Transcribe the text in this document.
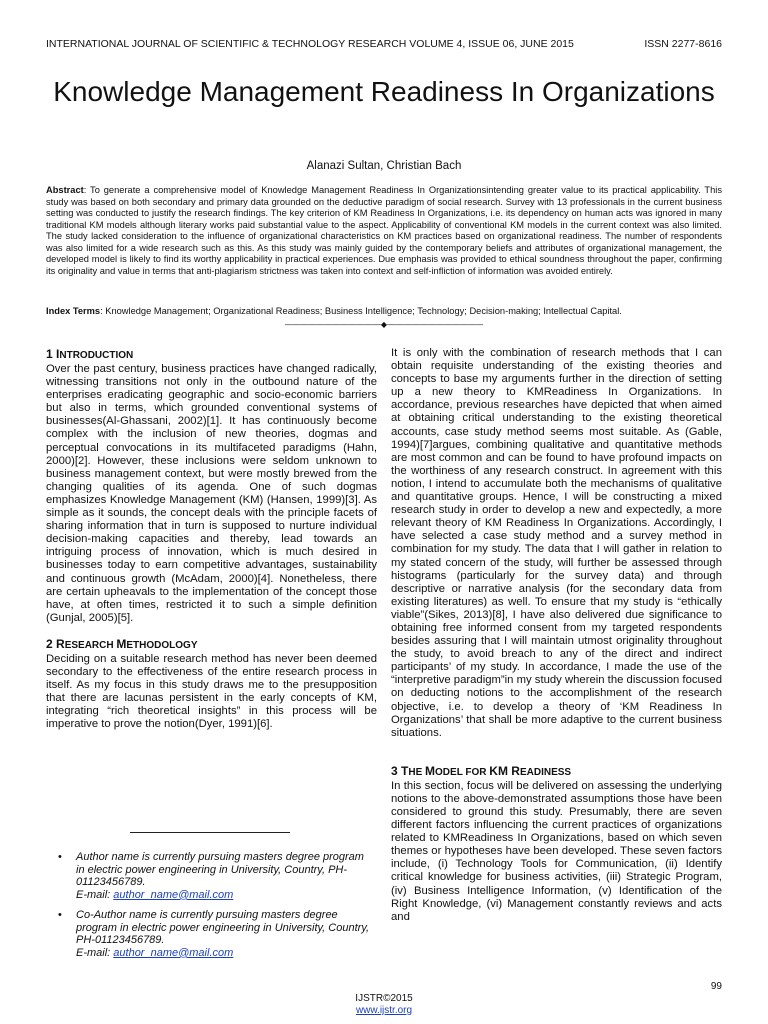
INTERNATIONAL JOURNAL OF SCIENTIFIC & TECHNOLOGY RESEARCH VOLUME 4, ISSUE 06, JUNE 2015	ISSN 2277-8616
Knowledge Management Readiness In Organizations
Alanazi Sultan, Christian Bach
Abstract: To generate a comprehensive model of Knowledge Management Readiness In Organizationsintending greater value to its practical applicability. This study was based on both secondary and primary data grounded on the deductive paradigm of social research. Survey with 13 professionals in the current business setting was conducted to justify the research findings. The key criterion of KM Readiness In Organizations, i.e. its dependency on human acts was ignored in many traditional KM models although literary works paid substantial value to the aspect. Applicability of conventional KM models in the current context was also limited. The study lacked consideration to the influence of organizational characteristics on KM practices based on organizational readiness. The number of respondents was also limited for a wide research such as this. As this study was mainly guided by the contemporary beliefs and attributes of organizational management, the developed model is likely to find its worthy applicability in practical experiences. Due emphasis was provided to ethical soundness throughout the paper, confirming its originality and value in terms that anti-plagiarism strictness was taken into context and self-infliction of information was avoided entirely.
Index Terms: Knowledge Management; Organizational Readiness; Business Intelligence; Technology; Decision-making; Intellectual Capital.
————————————◆————————————
1 INTRODUCTION

Over the past century, business practices have changed radically, witnessing transitions not only in the outbound nature of the enterprises eradicating geographic and socio-economic barriers but also in terms, which grounded conventional systems of businesses(Al-Ghassani, 2002)[1]. It has continuously become complex with the inclusion of new theories, dogmas and perceptual convocations in its multifaceted paradigms (Hahn, 2000)[2]. However, these inclusions were seldom unknown to business management context, but were mostly brewed from the changing qualities of its agenda. One of such dogmas emphasizes Knowledge Management (KM) (Hansen, 1999)[3]. As simple as it sounds, the concept deals with the principle facets of sharing information that in turn is supposed to nurture individual decision-making capacities and thereby, lead towards an intriguing process of innovation, which is much desired in businesses today to earn competitive advantages, sustainability and continuous growth (McAdam, 2000)[4]. Nonetheless, there are certain upheavals to the implementation of the concept those have, at often times, restricted it to such a simple definition (Gunjal, 2005)[5].

2 RESEARCH METHODOLOGY

Deciding on a suitable research method has never been deemed secondary to the effectiveness of the entire research process in itself. As my focus in this study draws me to the presupposition that there are lacunas persistent in the early concepts of KM, integrating “rich theoretical insights” in this process will be imperative to prove the notion(Dyer, 1991)[6].

• Author name is currently pursuing masters degree program in electric power engineering in University, Country, PH-01123456789.
E-mail: author_name@mail.com
• Co-Author name is currently pursuing masters degree program in electric power engineering in University, Country, PH-01123456789.
E-mail: author_name@mail.com

It is only with the combination of research methods that I can obtain requisite understanding of the existing theories and concepts to base my arguments further in the direction of setting up a new theory to KMReadiness In Organizations. In accordance, previous researches have depicted that when aimed at obtaining critical understanding to the existing theoretical accounts, case study method seems most suitable. As (Gable, 1994)[7]argues, combining qualitative and quantitative methods are most common and can be found to have profound impacts on the worthiness of any research construct. In agreement with this notion, I intend to accumulate both the mechanisms of qualitative and quantitative groups. Hence, I will be constructing a mixed research study in order to develop a new and expectedly, a more relevant theory of KM Readiness In Organizations. Accordingly, I have selected a case study method and a survey method in combination for my study. The data that I will gather in relation to my stated concern of the study, will further be assessed through histograms (particularly for the survey data) and through descriptive or narrative analysis (for the secondary data from existing literatures) as well. To ensure that my study is “ethically viable”(Sikes, 2013)[8], I have also delivered due significance to obtaining free informed consent from my targeted respondents besides assuring that I will maintain utmost originality throughout the study, to avoid breach to any of the direct and indirect participants’ of my study. In accordance, I made the use of the “interpretive paradigm”in my study wherein the discussion focused on deducting notions to the accomplishment of the research objective, i.e. to develop a theory of ‘KM Readiness In Organizations’ that shall be more adaptive to the current business situations.

3 THE MODEL FOR KM READINESS

In this section, focus will be delivered on assessing the underlying notions to the above-demonstrated assumptions those have been considered to ground this study. Presumably, there are seven different factors influencing the current practices of organizations related to KMReadiness In Organizations, based on which seven themes or hypotheses have been developed. These seven factors include, (i) Technology Tools for Communication, (ii) Identify critical knowledge for business activities, (iii) Strategic Program, (iv) Business Intelligence Information, (v) Identification of the Right Knowledge, (vi) Management constantly reviews and acts and

99
IJSTR©2015
www.ijstr.org
